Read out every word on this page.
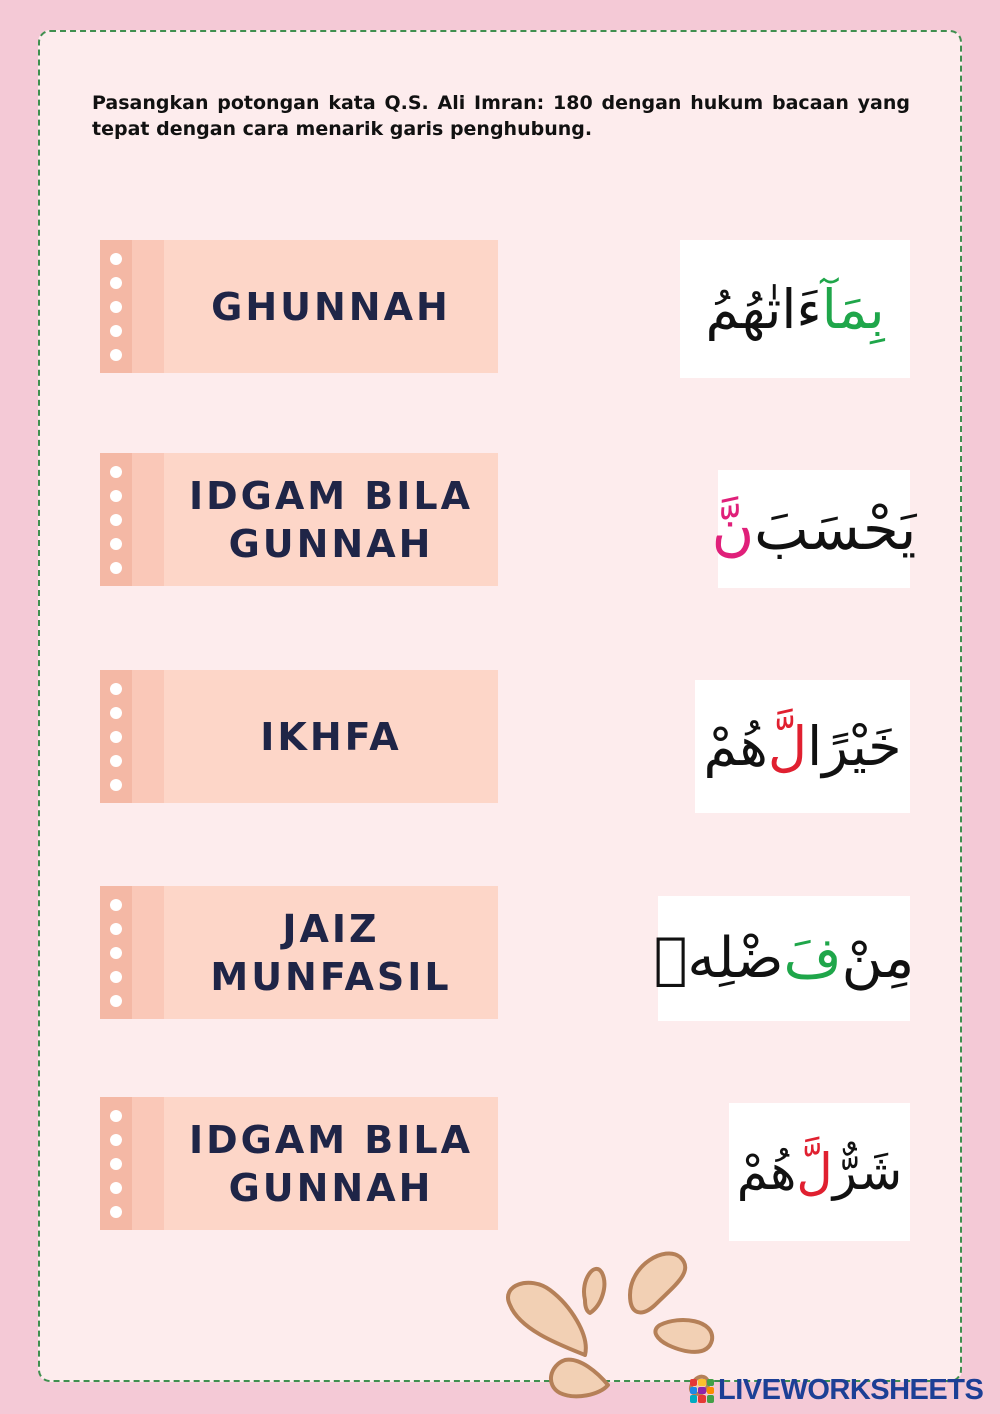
Pasangkan potongan kata Q.S. Ali Imran: 180 dengan hukum bacaan yang tepat dengan cara menarik garis penghubung.
GHUNNAH
IDGAM BILA GUNNAH
IKHFA
JAIZ MUNFASIL
IDGAM BILA GUNNAH
بِمَآ
ءَاتٰهُمُ
يَحْسَبَ
نَّ
خَيْرًا
لَّ
هُمْ
مِنْ
فَ
ضْلِهٖ
شَرٌّ
لَّ
هُمْ
LIVEWORKSHEETS
